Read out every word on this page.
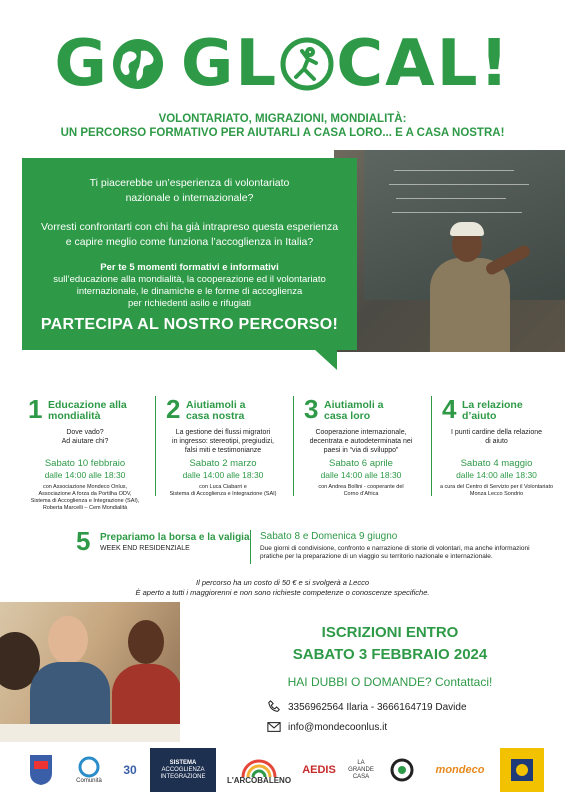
G GL CAL!
VOLONTARIATO, MIGRAZIONI, MONDIALITÀ:
UN PERCORSO FORMATIVO PER AIUTARLI A CASA LORO... E A CASA NOSTRA!
Ti piacerebbe un’esperienza di volontariato
nazionale o internazionale?
Vorresti confrontarti con chi ha già intrapreso questa esperienza
e capire meglio come funziona l’accoglienza in Italia?
Per te 5 momenti formativi e informativi
sull’educazione alla mondialità, la cooperazione ed il volontariato
internazionale, le dinamiche e le forme di accoglienza
per richiedenti asilo e rifugiati
PARTECIPA AL NOSTRO PERCORSO!
1 Educazione alla
mondialità
Dove vado?
Ad aiutare chi?
Sabato 10 febbraio
dalle 14:00 alle 18:30
con Associazione Mondeco Onlus,
Associazione A forza da Portilha ODV,
Sistema di Accoglienza e Integrazione (SAI),
Roberta Marcelli – Cem Mondialità
2 Aiutiamoli a
casa nostra
La gestione dei flussi migratori
in ingresso: stereotipi, pregiudizi,
falsi miti e testimonianze
Sabato 2 marzo
dalle 14:00 alle 18:30
con Luca Ciabarri e
Sistema di Accoglienza e Integrazione (SAI)
3 Aiutiamoli a
casa loro
Cooperazione internazionale,
decentrata e autodeterminata nei
paesi in “via di sviluppo”
Sabato 6 aprile
dalle 14:00 alle 18:30
con Andrea Bollini - cooperante del
Corno d’Africa
4 La relazione
d’aiuto
I punti cardine della relazione
di aiuto
Sabato 4 maggio
dalle 14:00 alle 18:30
a cura del Centro di Servizio per il Volontariato
Monza Lecco Sondrio
5 Prepariamo la borsa e la valigia
WEEK END RESIDENZIALE
Sabato 8 e Domenica 9 giugno
Due giorni di condivisione, confronto e narrazione di storie di volontari, ma anche informazioni
pratiche per la preparazione di un viaggio su territorio nazionale e internazionale.
Il percorso ha un costo di 50 € e si svolgerà a Lecco
È aperto a tutti i maggiorenni e non sono richieste competenze o conoscenze specifiche.
ISCRIZIONI ENTRO
SABATO 3 FEBBRAIO 2024
HAI DUBBI O DOMANDE? Contattaci!
3356962564
Ilaria - 3666164719
Davide
info@mondecoonlus.it
Comunità
30	SISTEMA
ACCOGLIENZA
INTEGRAZIONE	L'ARCOBALENO
AEDIS
LA
GRANDE
CASA
mondeco
